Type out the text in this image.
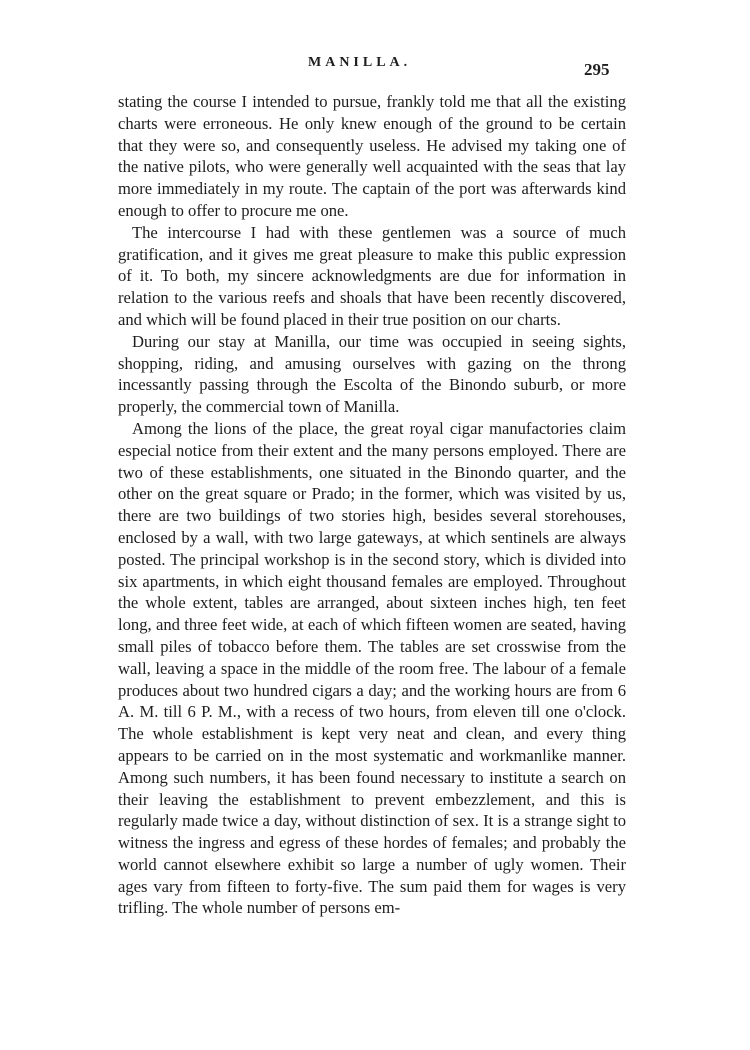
MANILLA.	295

stating the course I intended to pursue, frankly told me that all the existing charts were erroneous. He only knew enough of the ground to be certain that they were so, and consequently useless. He advised my taking one of the native pilots, who were generally well acquainted with the seas that lay more immediately in my route. The captain of the port was afterwards kind enough to offer to procure me one.

The intercourse I had with these gentlemen was a source of much gratification, and it gives me great pleasure to make this public expression of it. To both, my sincere acknowledgments are due for information in relation to the various reefs and shoals that have been recently discovered, and which will be found placed in their true position on our charts.

During our stay at Manilla, our time was occupied in seeing sights, shopping, riding, and amusing ourselves with gazing on the throng incessantly passing through the Escolta of the Binondo suburb, or more properly, the commercial town of Manilla.

Among the lions of the place, the great royal cigar manufactories claim especial notice from their extent and the many persons employed. There are two of these establishments, one situated in the Binondo quarter, and the other on the great square or Prado; in the former, which was visited by us, there are two buildings of two stories high, besides several storehouses, enclosed by a wall, with two large gateways, at which sentinels are always posted. The principal workshop is in the second story, which is divided into six apartments, in which eight thousand females are employed. Throughout the whole extent, tables are arranged, about sixteen inches high, ten feet long, and three feet wide, at each of which fifteen women are seated, having small piles of tobacco before them. The tables are set crosswise from the wall, leaving a space in the middle of the room free. The labour of a female produces about two hundred cigars a day; and the working hours are from 6 A. M. till 6 P. M., with a recess of two hours, from eleven till one o'clock. The whole establishment is kept very neat and clean, and every thing appears to be carried on in the most systematic and workmanlike manner. Among such numbers, it has been found necessary to institute a search on their leaving the establishment to prevent embezzlement, and this is regularly made twice a day, without distinction of sex. It is a strange sight to witness the ingress and egress of these hordes of females; and probably the world cannot elsewhere exhibit so large a number of ugly women. Their ages vary from fifteen to forty-five. The sum paid them for wages is very trifling. The whole number of persons em-
